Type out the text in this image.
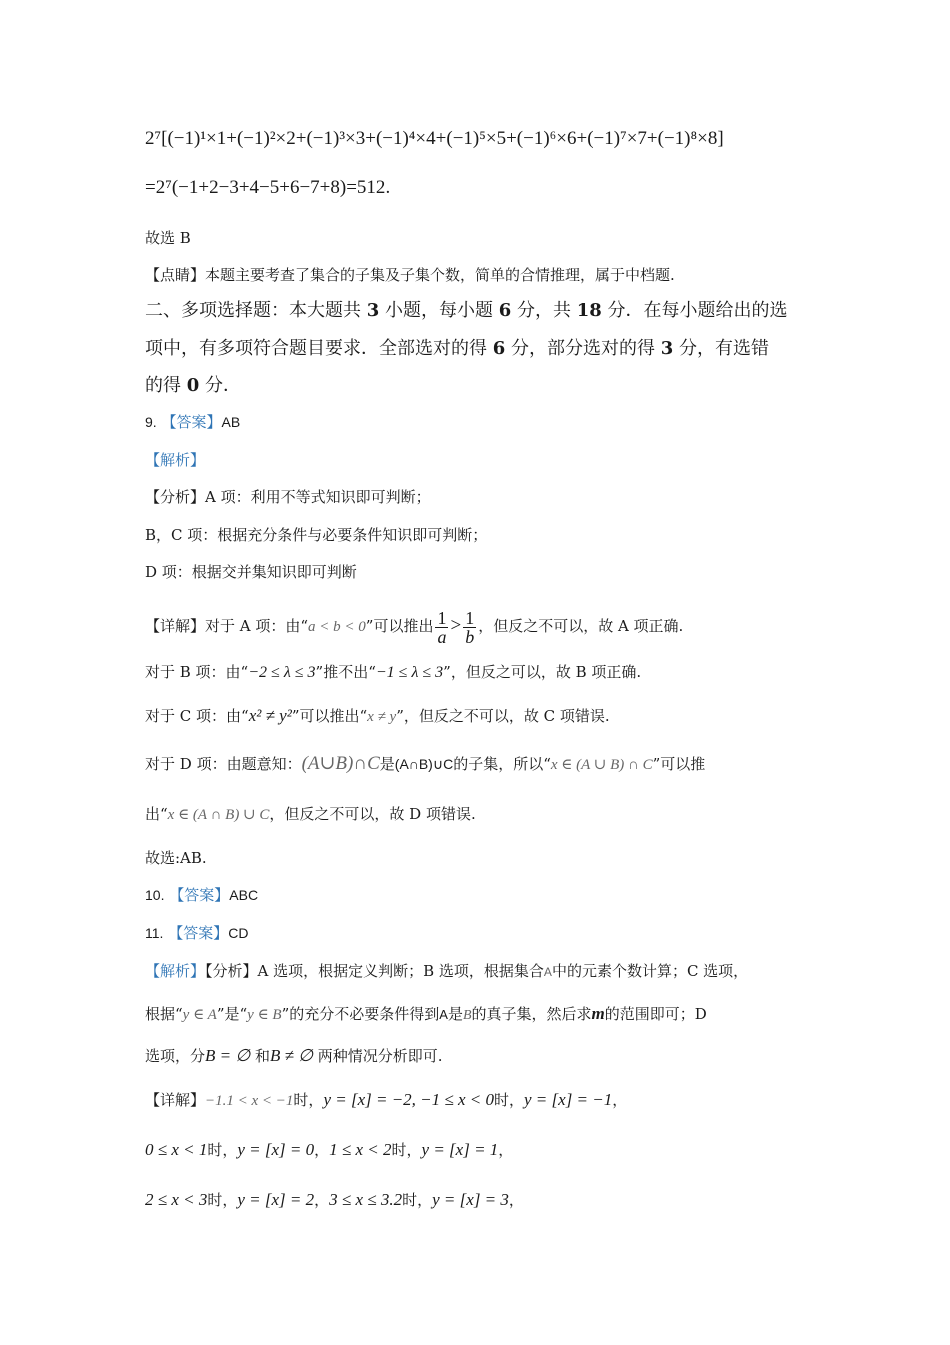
2⁷[(−1)¹×1+(−1)²×2+(−1)³×3+(−1)⁴×4+(−1)⁵×5+(−1)⁶×6+(−1)⁷×7+(−1)⁸×8]
=2⁷(−1+2−3+4−5+6−7+8)=512.
故选 B
【点睛】本题主要考查了集合的子集及子集个数，简单的合情推理，属于中档题.
二、多项选择题：本大题共 3 小题，每小题 6 分，共 18 分．在每小题给出的选
项中，有多项符合题目要求．全部选对的得 6 分，部分选对的得 3 分，有选错
的得 0 分．
9. 【答案】AB
【解析】
【分析】A 项：利用不等式知识即可判断；
B，C 项：根据充分条件与必要条件知识即可判断；
D 项：根据交并集知识即可判断
【详解】对于 A 项：由“a < b < 0”可以推出 $\frac{1}{a} > \frac{1}{b}$ ，但反之不可以，故 A 项正确.
对于 B 项：由“−2 ≤ λ ≤ 3”推不出“−1 ≤ λ ≤ 3”，但反之可以，故 B 项正确.
对于 C 项：由“x² ≠ y²”可以推出“x ≠ y”，但反之不可以，故 C 项错误.
对于 D 项：由题意知：(A∪B)∩C是(A∩B)∪C的子集，所以“x ∈ (A ∪ B) ∩ C”可以推
出“x ∈ (A ∩ B) ∪ C，但反之不可以，故 D 项错误.
故选:AB.
10. 【答案】ABC
11. 【答案】CD
【解析】【分析】A 选项，根据定义判断；B 选项，根据集合A中的元素个数计算；C 选项，
根据“y ∈ A”是“y ∈ B”的充分不必要条件得到A是B的真子集，然后求m的范围即可；D
选项，分B = ∅ 和B ≠ ∅ 两种情况分析即可.
【详解】−1.1 < x < −1时，y = [x] = −2, −1 ≤ x < 0时，y = [x] = −1，
0 ≤ x < 1时，y = [x] = 0，1 ≤ x < 2时，y = [x] = 1，
2 ≤ x < 3时，y = [x] = 2，3 ≤ x ≤ 3.2时，y = [x] = 3，
